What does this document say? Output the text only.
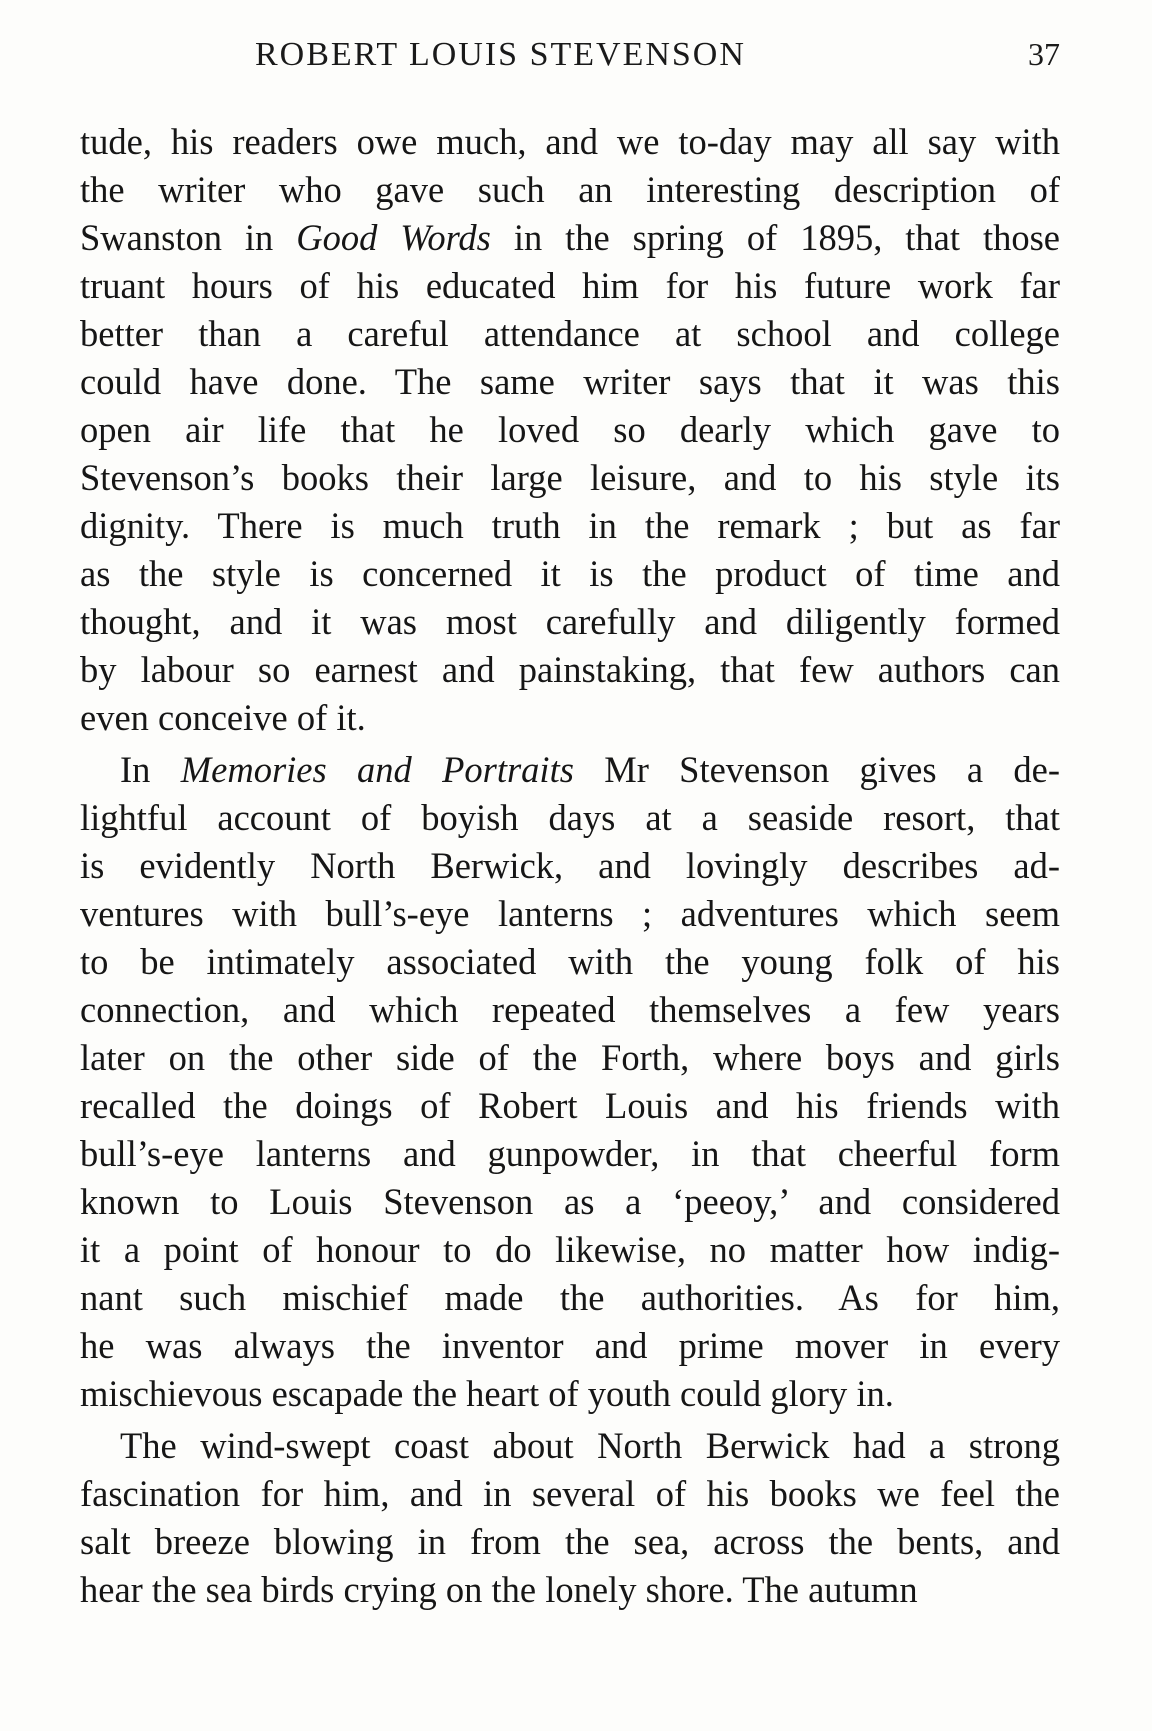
ROBERT LOUIS STEVENSON	37
tude, his readers owe much, and we to-day may all say with
the writer who gave such an interesting description of
Swanston in Good Words in the spring of 1895, that those
truant hours of his educated him for his future work far
better than a careful attendance at school and college
could have done. The same writer says that it was this
open air life that he loved so dearly which gave to
Stevenson’s books their large leisure, and to his style its
dignity. There is much truth in the remark ; but as far
as the style is concerned it is the product of time and
thought, and it was most carefully and diligently formed
by labour so earnest and painstaking, that few authors can
even conceive of it.
In Memories and Portraits Mr Stevenson gives a de-
lightful account of boyish days at a seaside resort, that
is evidently North Berwick, and lovingly describes ad-
ventures with bull’s-eye lanterns ; adventures which seem
to be intimately associated with the young folk of his
connection, and which repeated themselves a few years
later on the other side of the Forth, where boys and girls
recalled the doings of Robert Louis and his friends with
bull’s-eye lanterns and gunpowder, in that cheerful form
known to Louis Stevenson as a ‘peeoy,’ and considered
it a point of honour to do likewise, no matter how indig-
nant such mischief made the authorities. As for him,
he was always the inventor and prime mover in every
mischievous escapade the heart of youth could glory in.
The wind-swept coast about North Berwick had a strong
fascination for him, and in several of his books we feel the
salt breeze blowing in from the sea, across the bents, and
hear the sea birds crying on the lonely shore. The autumn
